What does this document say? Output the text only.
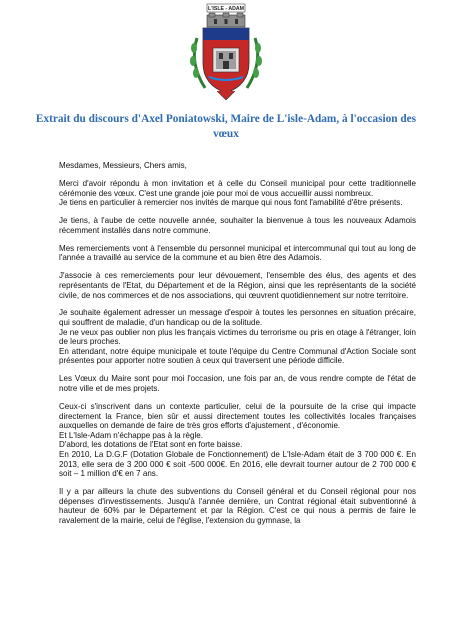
L'ISLE - ADAM
Extrait du discours d'Axel Poniatowski, Maire de L'isle-Adam, à l'occasion des vœux

Mesdames, Messieurs, Chers amis,

Merci d'avoir répondu à mon invitation et à celle du Conseil municipal pour cette traditionnelle cérémonie des vœux. C'est une grande joie pour moi de vous accueillir aussi nombreux.
Je tiens en particulier à remercier nos invités de marque qui nous font l'amabilité d'être présents.

Je tiens, à l'aube de cette nouvelle année, souhaiter la bienvenue à tous les nouveaux Adamois récemment installés dans notre commune.

Mes remerciements vont à l'ensemble du personnel municipal et intercommunal qui tout au long de l'année a travaillé au service de la commune et au bien être des Adamois.

J'associe à ces remerciements pour leur dévouement, l'ensemble des élus, des agents et des représentants de l'Etat, du Département et de la Région, ainsi que les représentants de la société civile, de nos commerces et de nos associations, qui œuvrent quotidiennement sur notre territoire.

Je souhaite également adresser un message d'espoir à toutes les personnes en situation précaire, qui souffrent de maladie, d'un handicap ou de la solitude.
Je ne veux pas oublier non plus les français victimes du terrorisme ou pris en otage à l'étranger, loin de leurs proches.
En attendant, notre équipe municipale et toute l'équipe du Centre Communal d'Action Sociale sont présentes pour apporter notre soutien à ceux qui traversent une période difficile.

Les Vœux du Maire sont pour moi l'occasion, une fois par an, de vous rendre compte de l'état de notre ville et de mes projets.

Ceux-ci s'inscrivent dans un contexte particulier, celui de la poursuite de la crise qui impacte directement la France, bien sûr et aussi directement toutes les collectivités locales françaises auxquelles on demande de faire de très gros efforts d'ajustement , d'économie.
Et L'Isle-Adam n'échappe pas à la règle.
D'abord, les dotations de l'Etat sont en forte baisse.
En 2010, La D.G.F (Dotation Globale de Fonctionnement) de L'Isle-Adam était de 3 700 000 €. En 2013, elle sera de 3 200 000 € soit -500 000€. En 2016, elle devrait tourner autour de 2 700 000 € soit – 1 million d'€ en 7 ans.

Il y a par ailleurs la chute des subventions du Conseil général et du Conseil régional pour nos dépenses d'investissements. Jusqu'à l'année dernière, un Contrat régional était subventionné à hauteur de 60% par le Département et par la Région. C'est ce qui nous a permis de faire le ravalement de la mairie, celui de l'église, l'extension du gymnase, la
